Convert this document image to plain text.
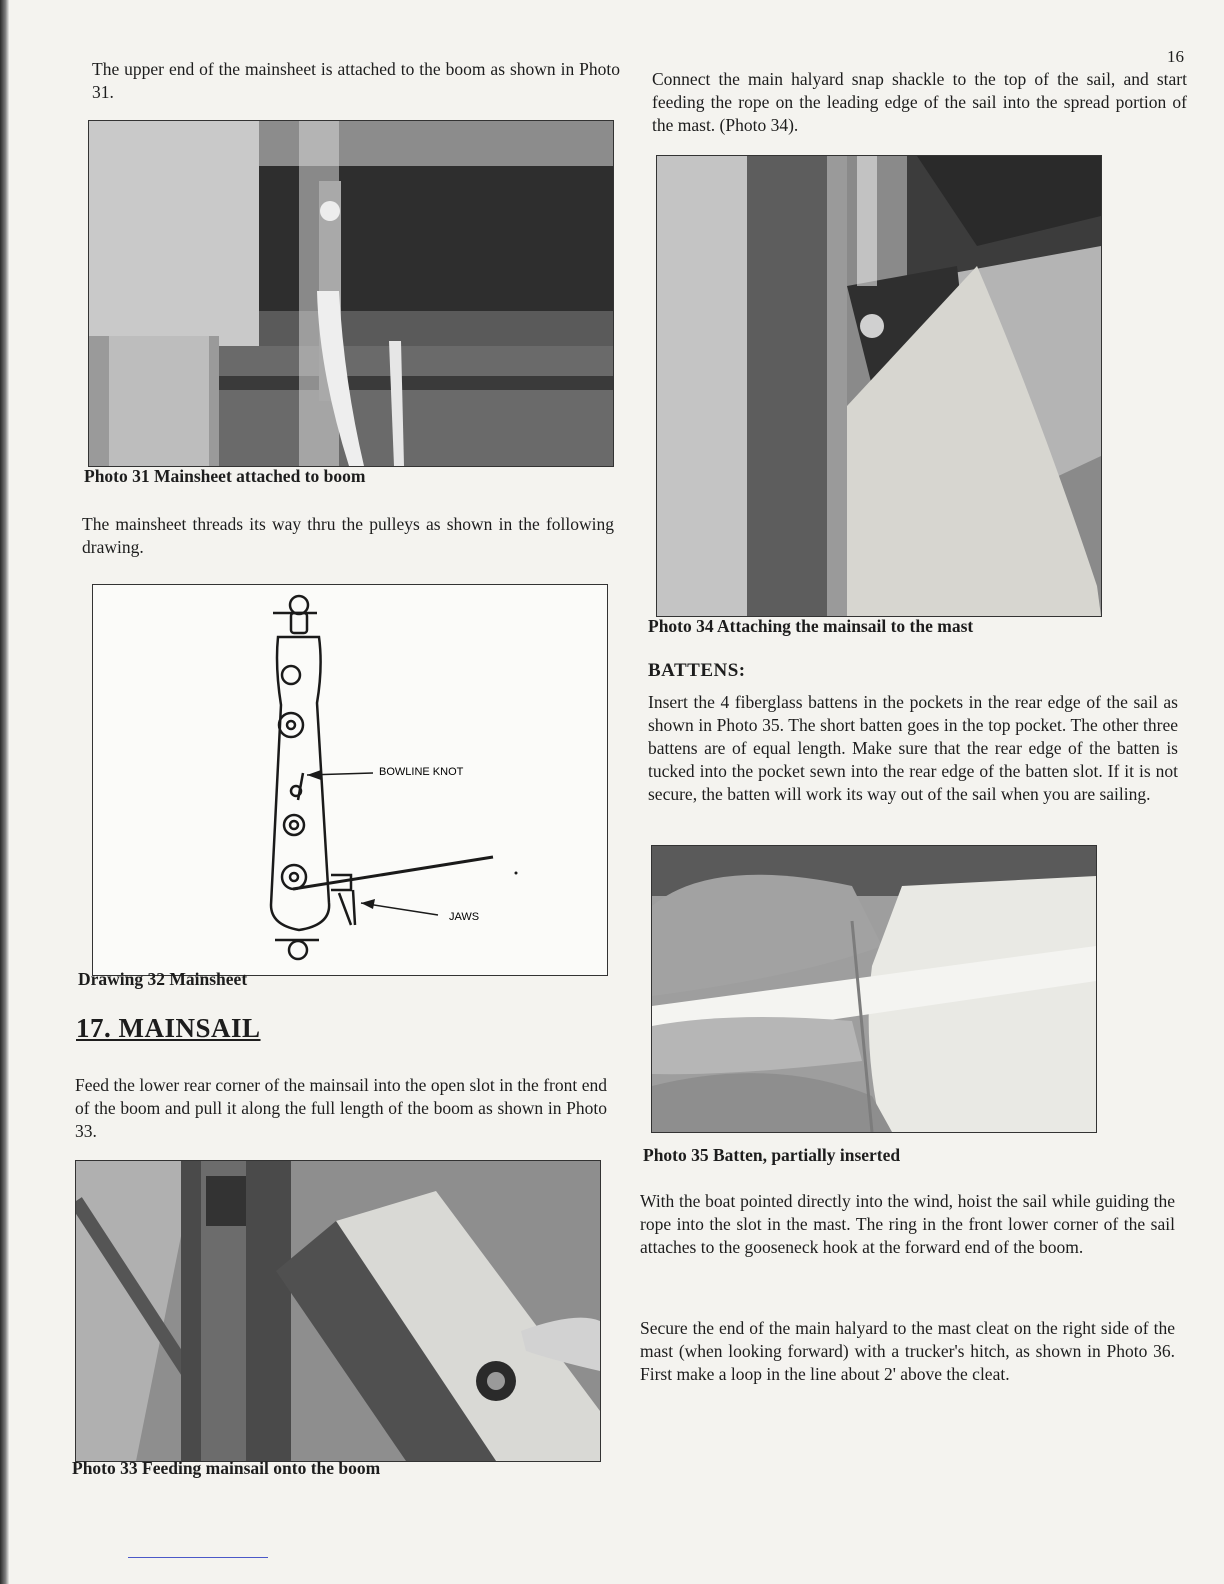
16

The upper end of the mainsheet is attached to the boom as shown in Photo 31.

Photo 31 Mainsheet attached to boom

The mainsheet threads its way thru the pulleys as shown in the following drawing.

BOWLINE KNOT
JAWS
Drawing 32 Mainsheet
17. MAINSAIL

Feed the lower rear corner of the mainsail into the open slot in the front end of the boom and pull it along the full length of the boom as shown in Photo 33.

Photo 33 Feeding mainsail onto the boom

Connect the main halyard snap shackle to the top of the sail, and start feeding the rope on the leading edge of the sail into the spread portion of the mast. (Photo 34).

Photo 34 Attaching the mainsail to the mast
BATTENS:

Insert the 4 fiberglass battens in the pockets in the rear edge of the sail as shown in Photo 35. The short batten goes in the top pocket. The other three battens are of equal length. Make sure that the rear edge of the batten is tucked into the pocket sewn into the rear edge of the batten slot. If it is not secure, the batten will work its way out of the sail when you are sailing.

Photo 35 Batten, partially inserted

With the boat pointed directly into the wind, hoist the sail while guiding the rope into the slot in the mast. The ring in the front lower corner of the sail attaches to the gooseneck hook at the forward end of the boom.

Secure the end of the main halyard to the mast cleat on the right side of the mast (when looking forward) with a trucker's hitch, as shown in Photo 36. First make a loop in the line about 2' above the cleat.
